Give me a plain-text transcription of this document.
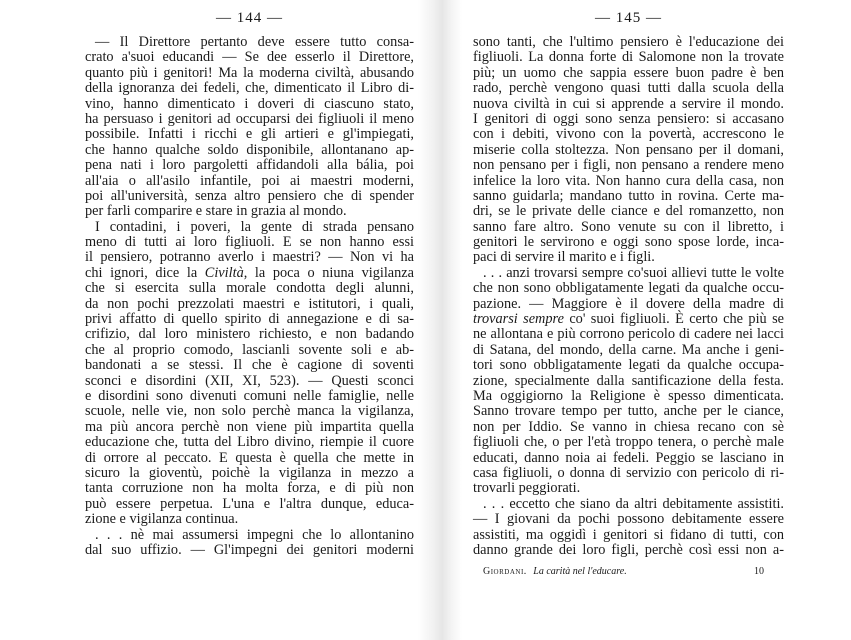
— 144 —
— Il Direttore pertanto deve essere tutto consa-
crato a'suoi educandi — Se dee esserlo il Direttore,
quanto più i genitori! Ma la moderna civiltà, abusando
della ignoranza dei fedeli, che, dimenticato il Libro di-
vino, hanno dimenticato i doveri di ciascuno stato,
ha persuaso i genitori ad occuparsi dei figliuoli il meno
possibile. Infatti i ricchi e gli artieri e gl'impiegati,
che hanno qualche soldo disponibile, allontanano ap-
pena nati i loro pargoletti affidandoli alla bália, poi
all'aia o all'asilo infantile, poi ai maestri moderni,
poi all'università, senza altro pensiero che di spender
per farli comparire e stare in grazia al mondo.
I contadini, i poveri, la gente di strada pensano
meno di tutti ai loro figliuoli. E se non hanno essi
il pensiero, potranno averlo i maestri? — Non vi ha
chi ignori, dice la Civiltà, la poca o niuna vigilanza
che si esercita sulla morale condotta degli alunni,
da non pochi prezzolati maestri e istitutori, i quali,
privi affatto di quello spirito di annegazione e di sa-
crifizio, dal loro ministero richiesto, e non badando
che al proprio comodo, lascianli sovente soli e ab-
bandonati a se stessi. Il che è cagione di soventi
sconci e disordini (XII, XI, 523). — Questi sconci
e disordini sono divenuti comuni nelle famiglie, nelle
scuole, nelle vie, non solo perchè manca la vigilanza,
ma più ancora perchè non viene più impartita quella
educazione che, tutta del Libro divino, riempie il cuore
di orrore al peccato. E questa è quella che mette in
sicuro la gioventù, poichè la vigilanza in mezzo a
tanta corruzione non ha molta forza, e di più non
può essere perpetua. L'una e l'altra dunque, educa-
zione e vigilanza continua.
. . . nè mai assumersi impegni che lo allontanino
dal suo uffizio. — Gl'impegni dei genitori moderni
— 145 —
sono tanti, che l'ultimo pensiero è l'educazione dei
figliuoli. La donna forte di Salomone non la trovate
più; un uomo che sappia essere buon padre è ben
rado, perchè vengono quasi tutti dalla scuola della
nuova civiltà in cui si apprende a servire il mondo.
I genitori di oggi sono senza pensiero: si accasano
con i debiti, vivono con la povertà, accrescono le
miserie colla stoltezza. Non pensano per il domani,
non pensano per i figli, non pensano a rendere meno
infelice la loro vita. Non hanno cura della casa, non
sanno guidarla; mandano tutto in rovina. Certe ma-
dri, se le private delle ciance e del romanzetto, non
sanno fare altro. Sono venute su con il libretto, i
genitori le servirono e oggi sono spose lorde, inca-
paci di servire il marito e i figli.
. . . anzi trovarsi sempre co'suoi allievi tutte le volte
che non sono obbligatamente legati da qualche occu-
pazione. — Maggiore è il dovere della madre di
trovarsi sempre co' suoi figliuoli. È certo che più se
ne allontana e più corrono pericolo di cadere nei lacci
di Satana, del mondo, della carne. Ma anche i geni-
tori sono obbligatamente legati da qualche occupa-
zione, specialmente dalla santificazione della festa.
Ma oggigiorno la Religione è spesso dimenticata.
Sanno trovare tempo per tutto, anche per le ciance,
non per Iddio. Se vanno in chiesa recano con sè
figliuoli che, o per l'età troppo tenera, o perchè male
educati, danno noia ai fedeli. Peggio se lasciano in
casa figliuoli, o donna di servizio con pericolo di ri-
trovarli peggiorati.
. . . eccetto che siano da altri debitamente assistiti.
— I giovani da pochi possono debitamente essere
assistiti, ma oggidì i genitori si fidano di tutti, con
danno grande dei loro figli, perchè così essi non a-
Giordani. La carità nel l'educare.	10
